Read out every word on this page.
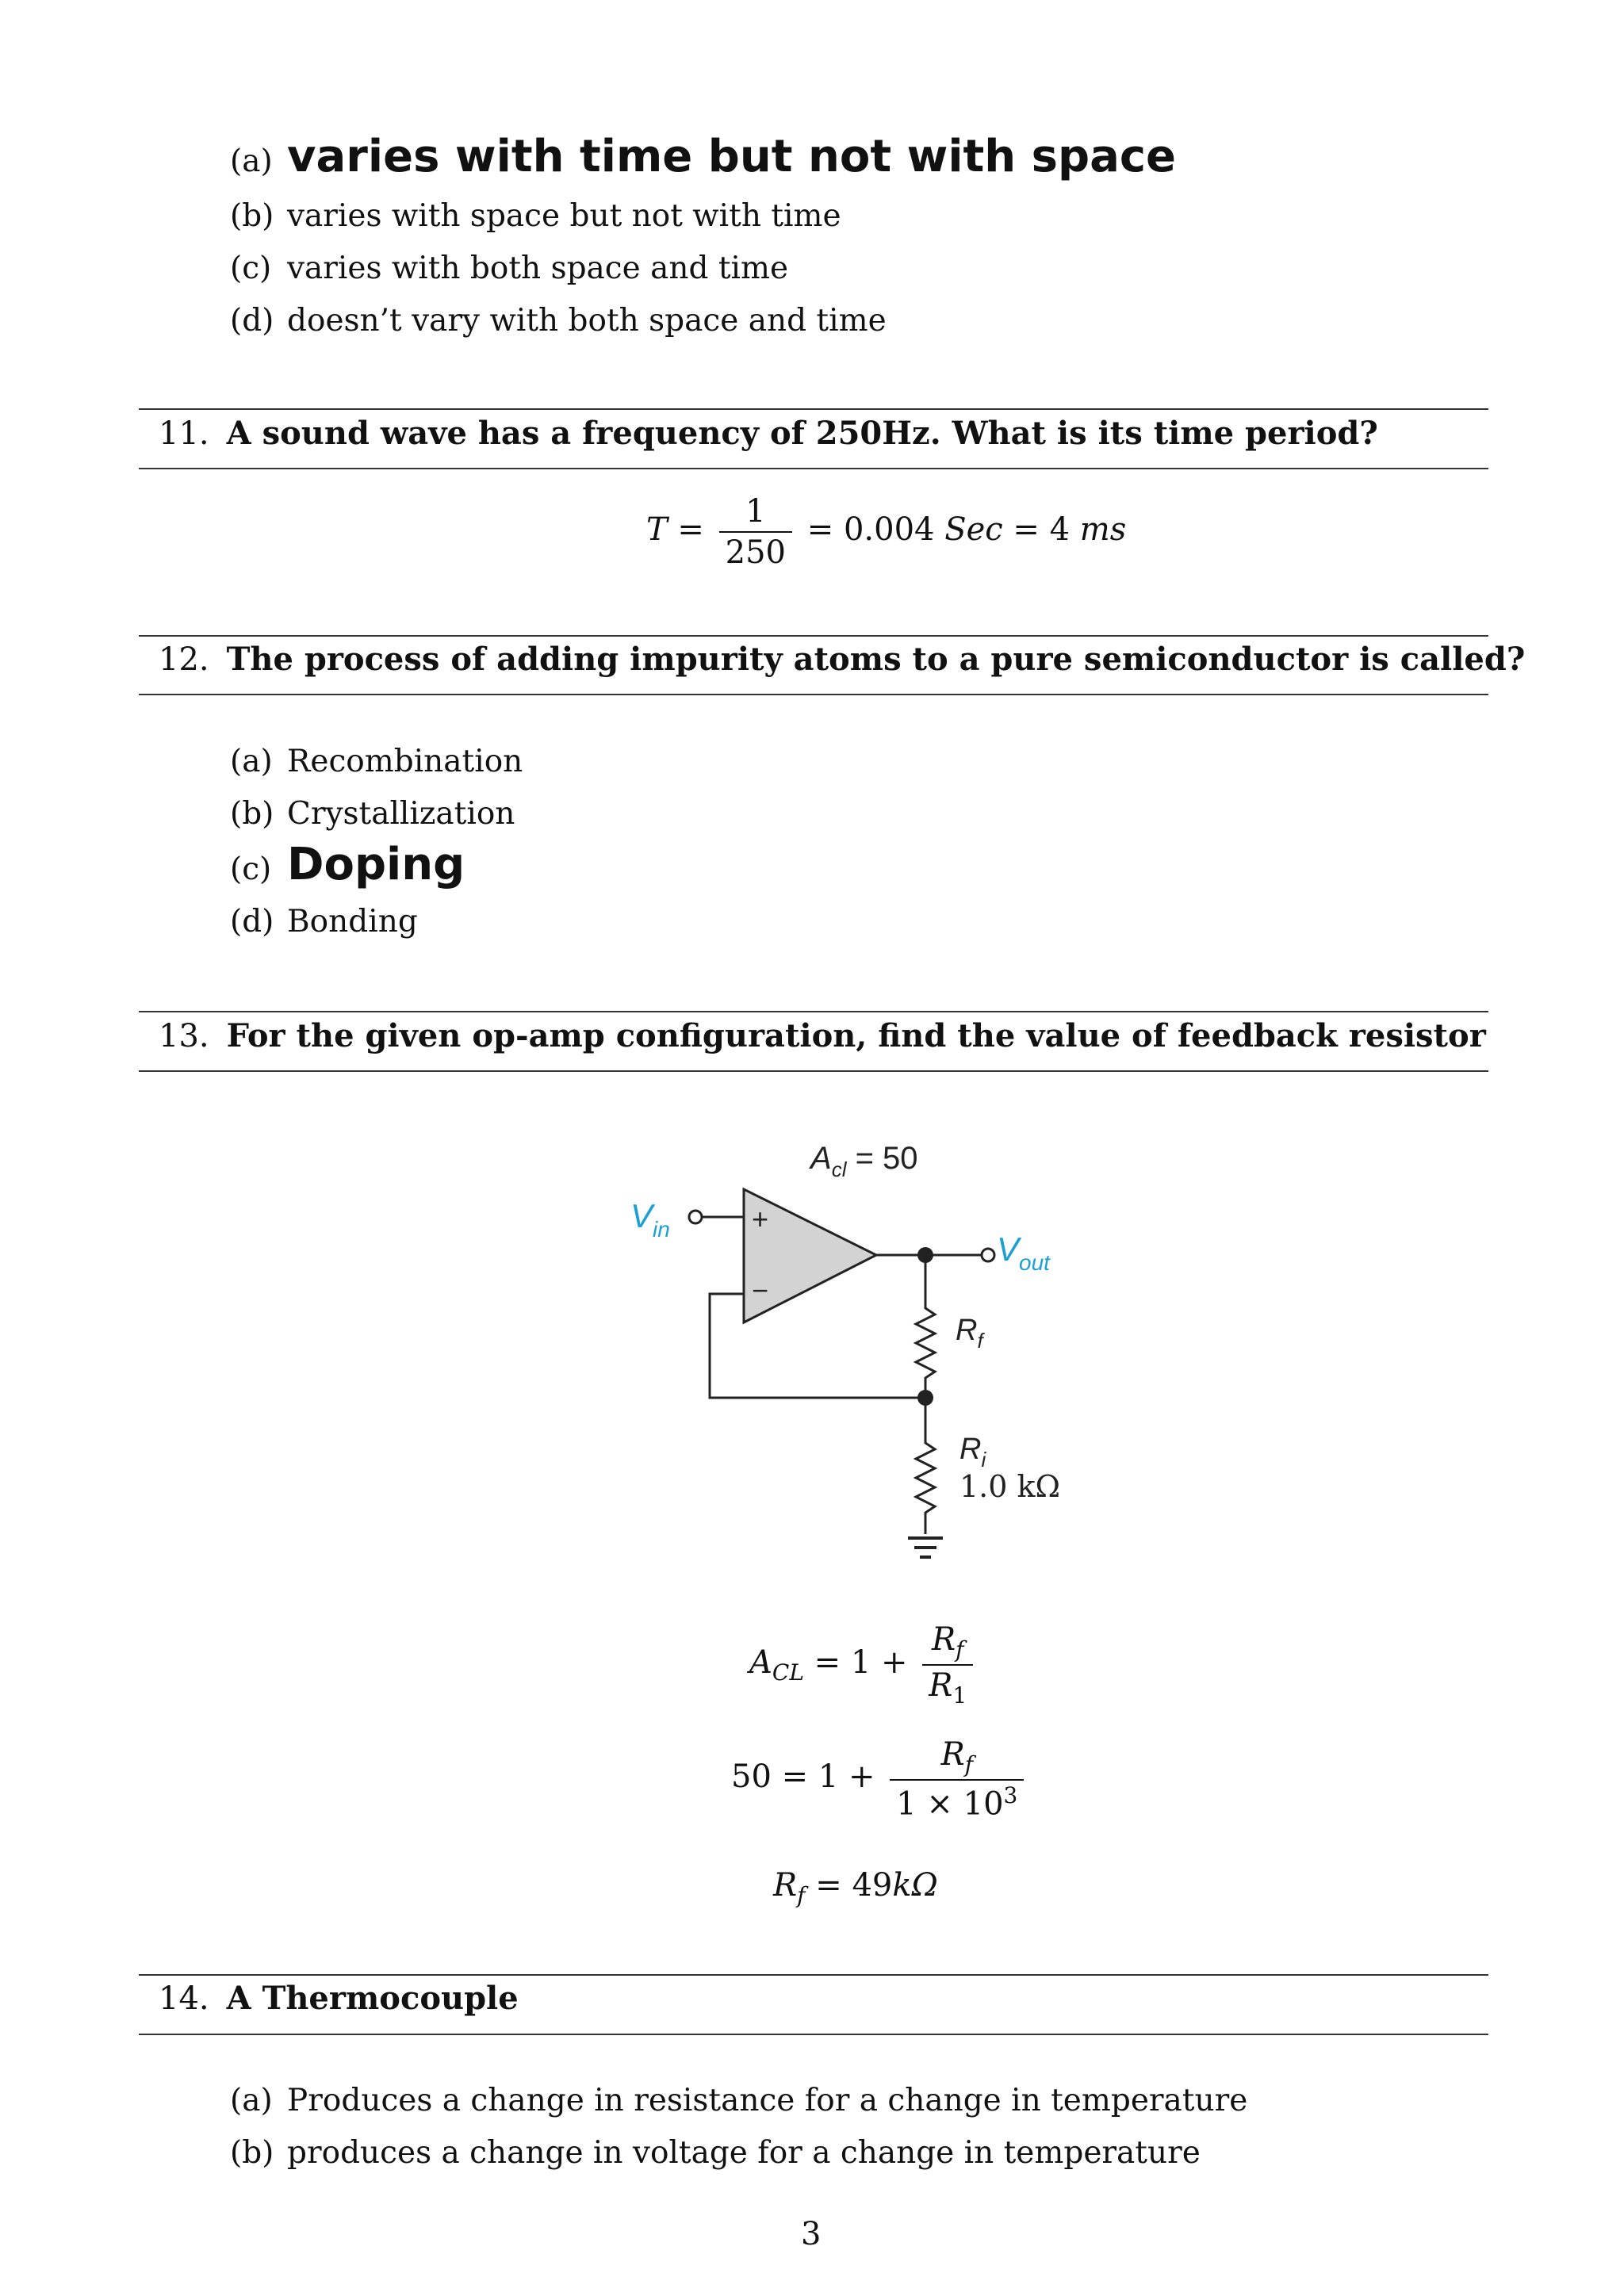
(a) varies with time but not with space
(b) varies with space but not with time
(c) varies with both space and time
(d) doesn’t vary with both space and time
11. A sound wave has a frequency of 250Hz. What is its time period?
$T = \frac{1}{250} = 0.004$ Sec = 4 ms
12. The process of adding impurity atoms to a pure semiconductor is called?
(a) Recombination
(b) Crystallization
(c) Doping
(d) Bonding
13. For the given op-amp configuration, find the value of feedback resistor
$A_{cl} = 50$
$V_{in}$	+
−
$V_{out}$
$R_f$
$R_i$
1.0 kΩ
$A_{CL} = 1 + \frac{R_f}{R_1}$
$50 = 1 + \frac{R_f}{1 \times 10^3}$
$R_f = 49k\Omega$
14. A Thermocouple
(a) Produces a change in resistance for a change in temperature
(b) produces a change in voltage for a change in temperature
3
